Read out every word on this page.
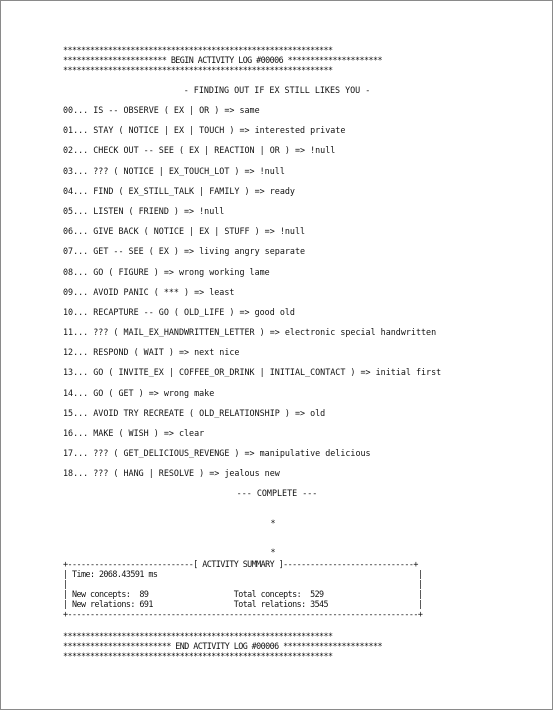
************************************************************
*********************** BEGIN ACTIVITY LOG #00006 *********************
************************************************************
- FINDING OUT IF EX STILL LIKES YOU -
00... IS -- OBSERVE ( EX | OR ) => same
01... STAY ( NOTICE | EX | TOUCH ) => interested private
02... CHECK OUT -- SEE ( EX | REACTION | OR ) => !null
03... ??? ( NOTICE | EX_TOUCH_LOT ) => !null
04... FIND ( EX_STILL_TALK | FAMILY ) => ready
05... LISTEN ( FRIEND ) => !null
06... GIVE BACK ( NOTICE | EX | STUFF ) => !null
07... GET -- SEE ( EX ) => living angry separate
08... GO ( FIGURE ) => wrong working lame
09... AVOID PANIC ( *** ) => least
10... RECAPTURE -- GO ( OLD_LIFE ) => good old
11... ??? ( MAIL_EX_HANDWRITTEN_LETTER ) => electronic special handwritten
12... RESPOND ( WAIT ) => next nice
13... GO ( INVITE_EX | COFFEE_OR_DRINK | INITIAL_CONTACT ) => initial first
14... GO ( GET ) => wrong make
15... AVOID TRY RECREATE ( OLD_RELATIONSHIP ) => old
16... MAKE ( WISH ) => clear
17... ??? ( GET_DELICIOUS_REVENGE ) => manipulative delicious
18... ??? ( HANG | RESOLVE ) => jealous new
--- COMPLETE ---
*
*
+----------------------------[ ACTIVITY SUMMARY ]-----------------------------+
| Time: 2068.43591 ms                                                          |
|                                                                              |
| New concepts:  89                   Total concepts:  529                     |
| New relations: 691                  Total relations: 3545                    |
+------------------------------------------------------------------------------+
************************************************************
************************ END ACTIVITY LOG #00006 **********************
************************************************************
